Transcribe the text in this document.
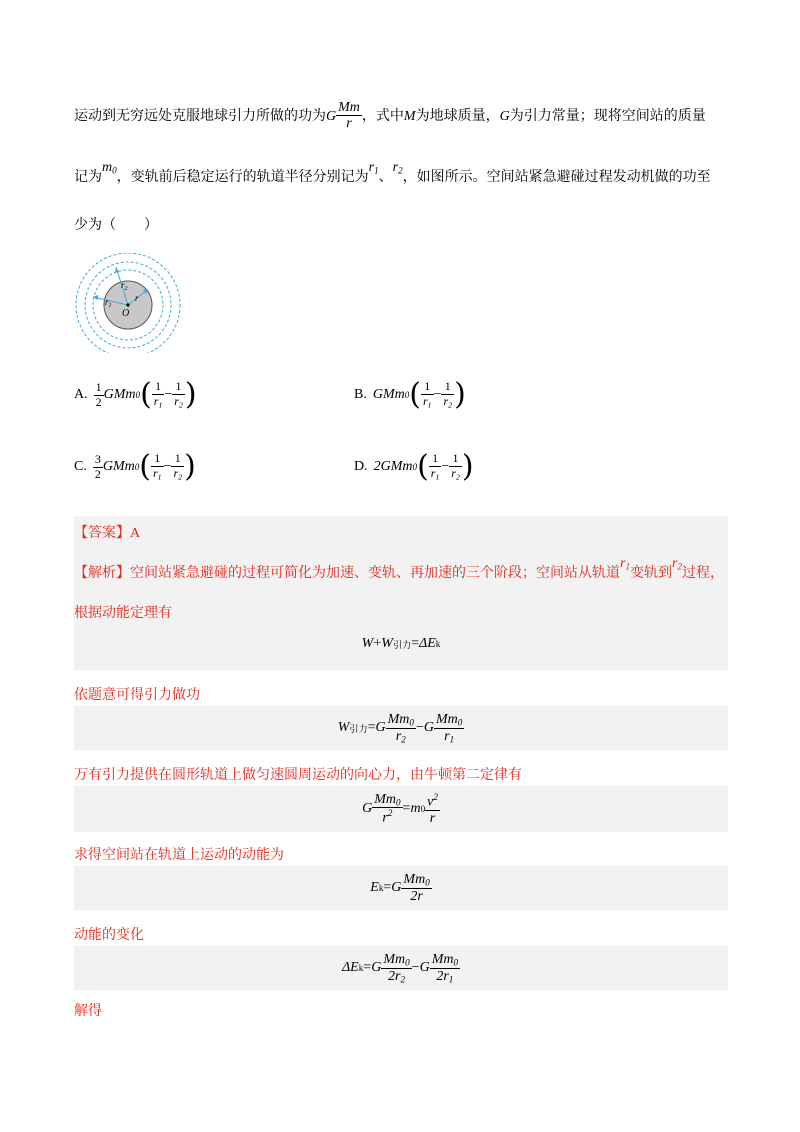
运动到无穷远处克服地球引力所做的功为G $\frac{Mm}{r}$ ，式中M为地球质量，G为引力常量；现将空间站的质量
记为$m_0$，变轨前后稳定运行的轨道半径分别记为$r_1$、$r_2$，如图所示。空间站紧急避碰过程发动机做的功至
少为（　　）
$r_2$
$r_1$
r
O
A. $\frac{1}{2}$ GMm 0 ( $\frac{1}{r_1} - \frac{1}{r_2}$ )	B. GMm 0 ( $\frac{1}{r_1} - \frac{1}{r_2}$ )
C. $\frac{3}{2}$ GMm 0 ( $\frac{1}{r_1} - \frac{1}{r_2}$ )	D. 2GMm 0 ( $\frac{1}{r_1} - \frac{1}{r_2}$ )
【答案】A
【解析】空间站紧急避碰的过程可简化为加速、变轨、再加速的三个阶段；空间站从轨道$r_1$变轨到$r_2$过程，
根据动能定理有
W + W 引力 = ΔE k
依题意可得引力做功
W 引力 = G $\frac{Mm_0}{r_2} - G \frac{Mm_0}{r_1}$
万有引力提供在圆形轨道上做匀速圆周运动的向心力，由牛顿第二定律有
G $\frac{Mm_0}{r^2} = m$ $0 \frac{v^2}{r}$
求得空间站在轨道上运动的动能为
E k = G $\frac{Mm_0}{2r}$
动能的变化
ΔE k = G $\frac{Mm_0}{2r_2} - G \frac{Mm_0}{2r_1}$
解得
